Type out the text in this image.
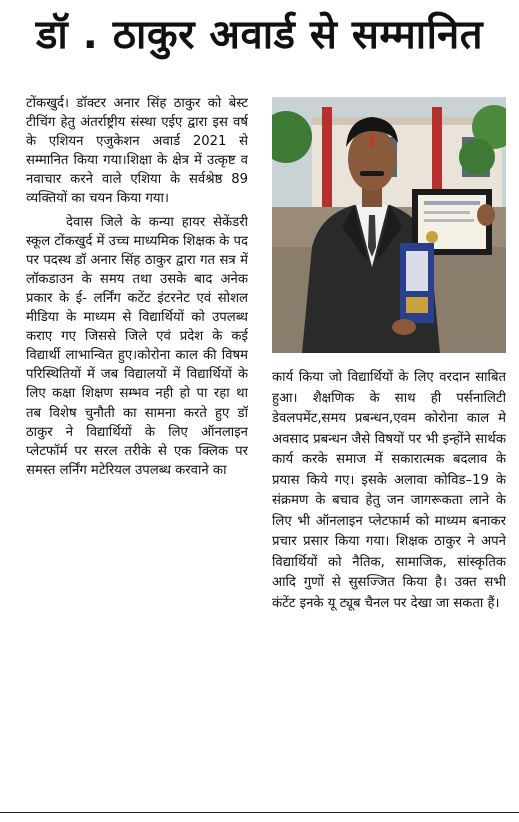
डॉ . ठाकुर अवार्ड से सम्मानित

टोंकखुर्द। डॉक्टर अनार सिंह ठाकुर को बेस्ट टीचिंग हेतु अंतर्राष्ट्रीय संस्था एईए द्वारा इस वर्ष के एशियन एजुकेशन अवार्ड 2021 से सम्मानित किया गया।शिक्षा के क्षेत्र में उत्कृष्ट व नवाचार करने वाले एशिया के सर्वश्रेष्ठ 89 व्यक्तियों का चयन किया गया।

देवास जिले के कन्या हायर सेकेंडरी स्कूल टोंकखुर्द में उच्च माध्यमिक शिक्षक के पद पर पदस्थ डॉ अनार सिंह ठाकुर द्वारा गत सत्र में लॉकडाउन के समय तथा उसके बाद अनेक प्रकार के ई- लर्निंग कटेंट इंटरनेट एवं सोशल मीडिया के माध्यम से विद्यार्थियों को उपलब्ध कराए गए जिससे जिले एवं प्रदेश के कई विद्यार्थी लाभान्वित हुए।कोरोना काल की विषम परिस्थितियों में जब विद्यालयों में विद्यार्थियों के लिए कक्षा शिक्षण सम्भव नही हो पा रहा था तब विशेष चुनौती का सामना करते हुए डॉ ठाकुर ने विद्यार्थियों के लिए ऑनलाइन प्लेटफॉर्म पर सरल तरीके से एक क्लिक पर समस्त लर्निंग मटेरियल उपलब्ध करवाने का

कार्य किया जो विद्यार्थियों के लिए वरदान साबित हुआ। शैक्षणिक के साथ ही पर्सनालिटी डेवलपमेंट,समय प्रबन्धन,एवम कोरोना काल मे अवसाद प्रबन्धन जैसे विषयों पर भी इन्होंने सार्थक कार्य करके समाज में सकारात्मक बदलाव के प्रयास किये गए। इसके अलावा कोविड–19 के संक्रमण के बचाव हेतु जन जागरूकता लाने के लिए भी ऑनलाइन प्लेटफार्म को माध्यम बनाकर प्रचार प्रसार किया गया। शिक्षक ठाकुर ने अपने विद्यार्थियों को नैतिक, सामाजिक, सांस्कृतिक आदि गुणों से सुसज्जित किया है। उक्त सभी कंटेंट इनके यू ट्यूब चैनल पर देखा जा सकता हैं।
